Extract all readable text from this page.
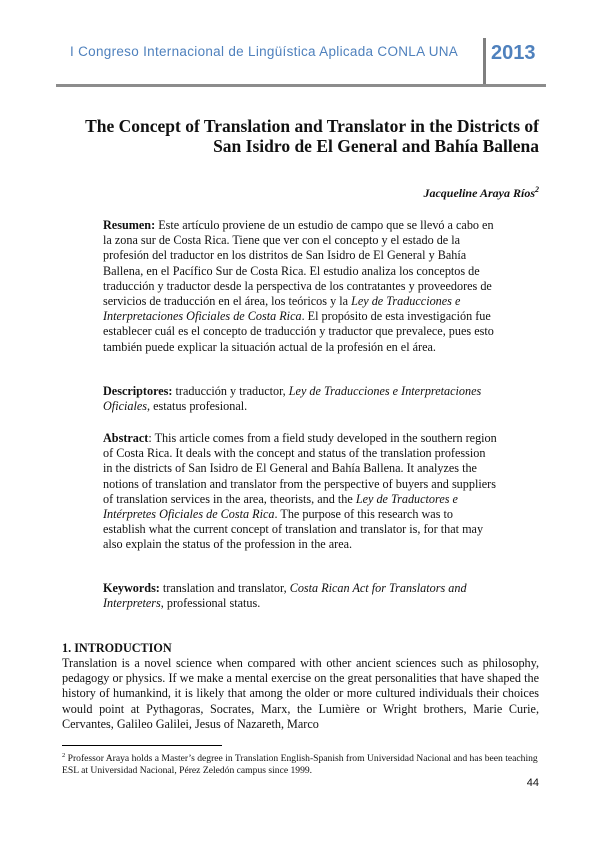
I Congreso Internacional de Lingüística Aplicada CONLA UNA 2013
The Concept of Translation and Translator in the Districts of
San Isidro de El General and Bahía Ballena
Jacqueline Araya Ríos$^2$
Resumen: Este artículo proviene de un estudio de campo que se llevó a cabo en la zona sur de Costa Rica. Tiene que ver con el concepto y el estado de la profesión del traductor en los distritos de San Isidro de El General y Bahía Ballena, en el Pacífico Sur de Costa Rica. El estudio analiza los conceptos de traducción y traductor desde la perspectiva de los contratantes y proveedores de servicios de traducción en el área, los teóricos y la Ley de Traducciones e Interpretaciones Oficiales de Costa Rica. El propósito de esta investigación fue establecer cuál es el concepto de traducción y traductor que prevalece, pues esto también puede explicar la situación actual de la profesión en el área.
Descriptores: traducción y traductor, Ley de Traducciones e Interpretaciones Oficiales, estatus profesional.
Abstract: This article comes from a field study developed in the southern region of Costa Rica. It deals with the concept and status of the translation profession in the districts of San Isidro de El General and Bahía Ballena. It analyzes the notions of translation and translator from the perspective of buyers and suppliers of translation services in the area, theorists, and the Ley de Traductores e Intérpretes Oficiales de Costa Rica. The purpose of this research was to establish what the current concept of translation and translator is, for that may also explain the status of the profession in the area.
Keywords: translation and translator, Costa Rican Act for Translators and Interpreters, professional status.
1. INTRODUCTION
Translation is a novel science when compared with other ancient sciences such as philosophy, pedagogy or physics. If we make a mental exercise on the great personalities that have shaped the history of humankind, it is likely that among the older or more cultured individuals their choices would point at Pythagoras, Socrates, Marx, the Lumière or Wright brothers, Marie Curie, Cervantes, Galileo Galilei, Jesus of Nazareth, Marco
$^2$ Professor Araya holds a Master’s degree in Translation English-Spanish from Universidad Nacional and has been teaching ESL at Universidad Nacional, Pérez Zeledón campus since 1999.
44
